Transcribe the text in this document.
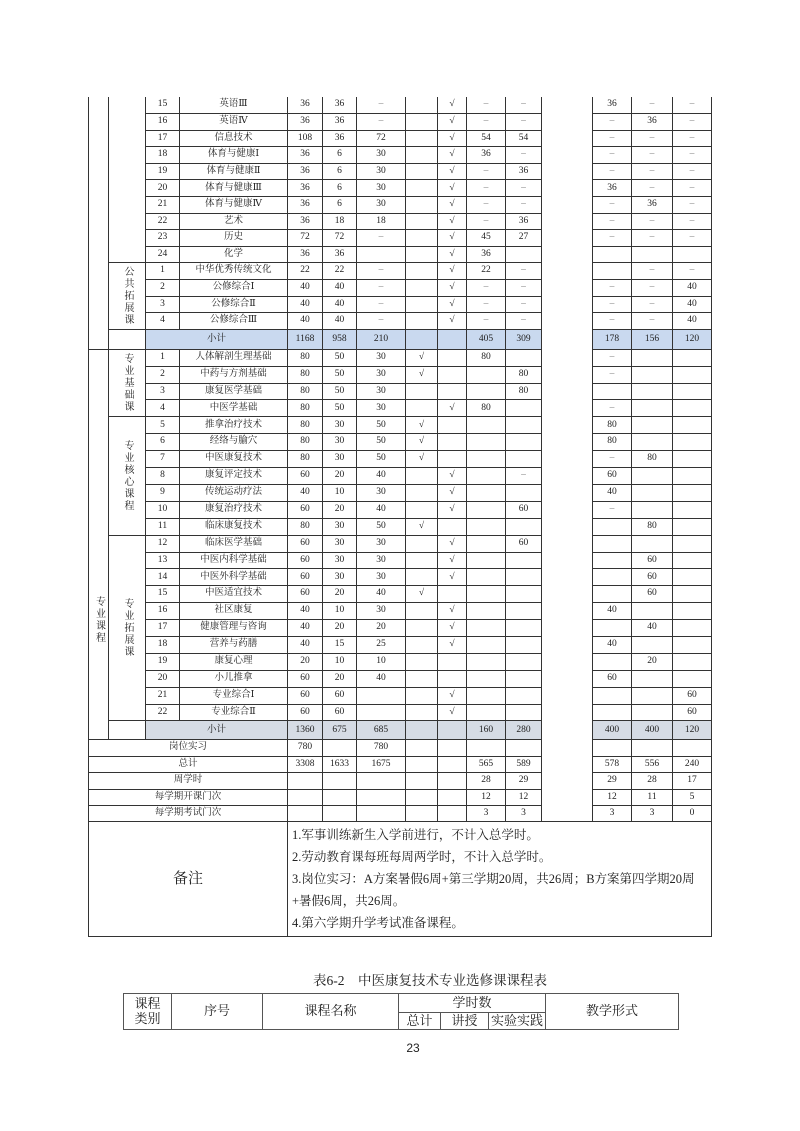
		15	英语Ⅲ	36	36	–		√	–	–		36	–	–
		16	英语Ⅳ	36	36	–		√	–	–		–	36	–
		17	信息技术	108	36	72		√	54	54		–	–	–
		18	体育与健康Ⅰ	36	6	30		√	36	–		–	–	–
		19	体育与健康Ⅱ	36	6	30		√	–	36		–	–	–
		20	体育与健康Ⅲ	36	6	30		√	–	–		36	–	–
		21	体育与健康Ⅳ	36	6	30		√	–	–		–	36	–
		22	艺术	36	18	18		√	–	36		–	–	–
		23	历史	72	72	–		√	45	27		–	–	–
		24	化学	36	36			√	36					
	公共拓展课	1	中华优秀传统文化	22	22	–		√	22	–			–	–
		2	公修综合Ⅰ	40	40	–		√	–	–		–	–	40
		3	公修综合Ⅱ	40	40	–		√	–	–		–	–	40
		4	公修综合Ⅲ	40	40	–		√	–	–		–	–	40
		小计		1168	958	210			405	309		178	156	120
专业课程	专业基础课	1	人体解剖生理基础	80	50	30	√		80			–		
		2	中药与方剂基础	80	50	30	√			80		–		
		3	康复医学基础	80	50	30				80				
		4	中医学基础	80	50	30		√	80			–		
	专业核心课程	5	推拿治疗技术	80	30	50	√					80		
		6	经络与腧穴	80	30	50	√					80		
		7	中医康复技术	80	30	50	√					–	80	
		8	康复评定技术	60	20	40		√		–		60		
		9	传统运动疗法	40	10	30		√				40		
		10	康复治疗技术	60	20	40		√		60		–		
		11	临床康复技术	80	30	50	√						80	
	专业拓展课	12	临床医学基础	60	30	30		√		60				
		13	中医内科学基础	60	30	30		√					60	
		14	中医外科学基础	60	30	30		√					60	
		15	中医适宜技术	60	20	40	√						60	
		16	社区康复	40	10	30		√				40		
		17	健康管理与咨询	40	20	20		√					40	
		18	营养与药膳	40	15	25		√				40		
		19	康复心理	20	10	10							20	
		20	小儿推拿	60	20	40						60		
		21	专业综合Ⅰ	60	60			√						60
		22	专业综合Ⅱ	60	60			√						60
		小计		1360	675	685			160	280		400	400	120
岗位实习				780		780								
总计				3308	1633	1675			565	589		578	556	240
周学时									28	29		29	28	17
每学期开课门次									12	12		12	11	5
每学期考试门次									3	3		3	3	0
备注				1.军事训练新生入学前进行，不计入总学时。
2.劳动教育课每班每周两学时，不计入总学时。
3.岗位实习：A方案暑假6周+第三学期20周，共26周；B方案第四学期20周+暑假6周，共26周。
4.第六学期升学考试准备课程。										
表6-2　中医康复技术专业选修课课程表
课程类别	序号	课程名称	学时数			教学形式
			总计	讲授	实验实践	
23
